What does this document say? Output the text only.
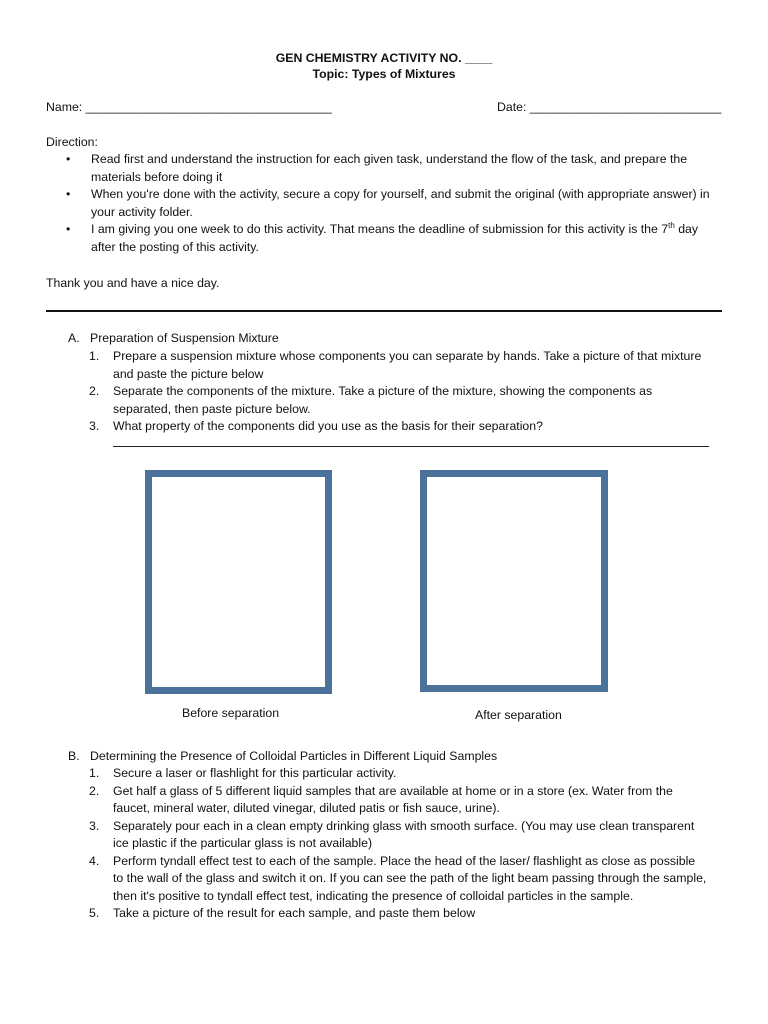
GEN CHEMISTRY ACTIVITY NO. ____
Topic: Types of Mixtures
Name: ____________________________________	Date: ____________________________
Direction:
• Read first and understand the instruction for each given task, understand the flow of the task, and prepare the materials before doing it
• When you're done with the activity, secure a copy for yourself, and submit the original (with appropriate answer) in your activity folder.
• I am giving you one week to do this activity. That means the deadline of submission for this activity is the 7th day after the posting of this activity.
Thank you and have a nice day.
A. Preparation of Suspension Mixture
1. Prepare a suspension mixture whose components you can separate by hands. Take a picture of that mixture and paste the picture below
2. Separate the components of the mixture. Take a picture of the mixture, showing the components as separated, then paste picture below.
3. What property of the components did you use as the basis for their separation?
Before separation	After separation
B. Determining the Presence of Colloidal Particles in Different Liquid Samples
1. Secure a laser or flashlight for this particular activity.
2. Get half a glass of 5 different liquid samples that are available at home or in a store (ex. Water from the faucet, mineral water, diluted vinegar, diluted patis or fish sauce, urine).
3. Separately pour each in a clean empty drinking glass with smooth surface. (You may use clean transparent ice plastic if the particular glass is not available)
4. Perform tyndall effect test to each of the sample. Place the head of the laser/ flashlight as close as possible to the wall of the glass and switch it on. If you can see the path of the light beam passing through the sample, then it's positive to tyndall effect test, indicating the presence of colloidal particles in the sample.
5. Take a picture of the result for each sample, and paste them below
